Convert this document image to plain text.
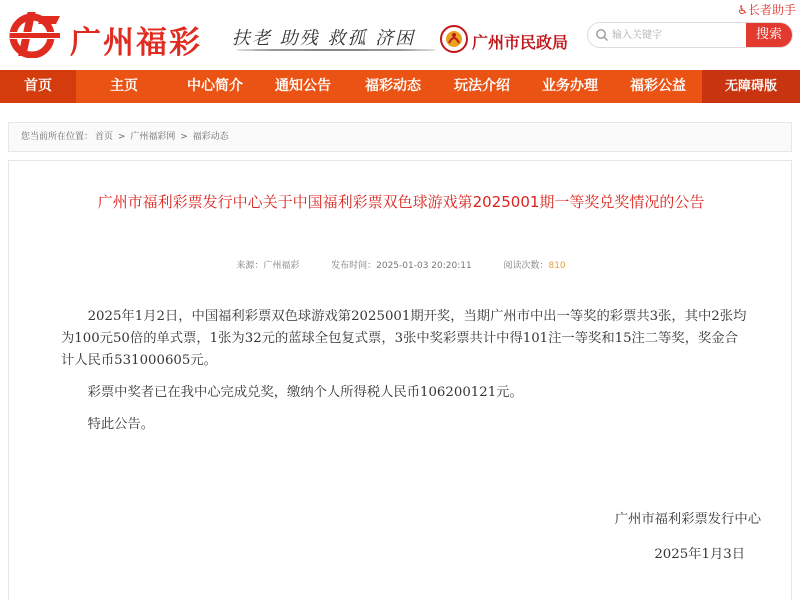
广州福彩 扶老 助残 救孤 济困	广州市民政局
输入关键字	搜索
♿长者助手
首页	主页	中心简介	通知公告	福彩动态	玩法介绍	业务办理	福彩公益	无障碍版
您当前所在位置： 首页 > 广州福彩网 > 福彩动态
广州市福利彩票发行中心关于中国福利彩票双色球游戏第2025001期一等奖兑奖情况的公告
来源：广州福彩	发布时间：2025-01-03 20:20:11	阅读次数：810

2025年1月2日，中国福利彩票双色球游戏第2025001期开奖，当期广州市中出一等奖的彩票共3张，其中2张均为100元50倍的单式票，1张为32元的蓝球全包复式票，3张中奖彩票共计中得101注一等奖和15注二等奖，奖金合计人民币531000605元。

彩票中奖者已在我中心完成兑奖，缴纳个人所得税人民币106200121元。

特此公告。

广州市福利彩票发行中心
2025年1月3日
